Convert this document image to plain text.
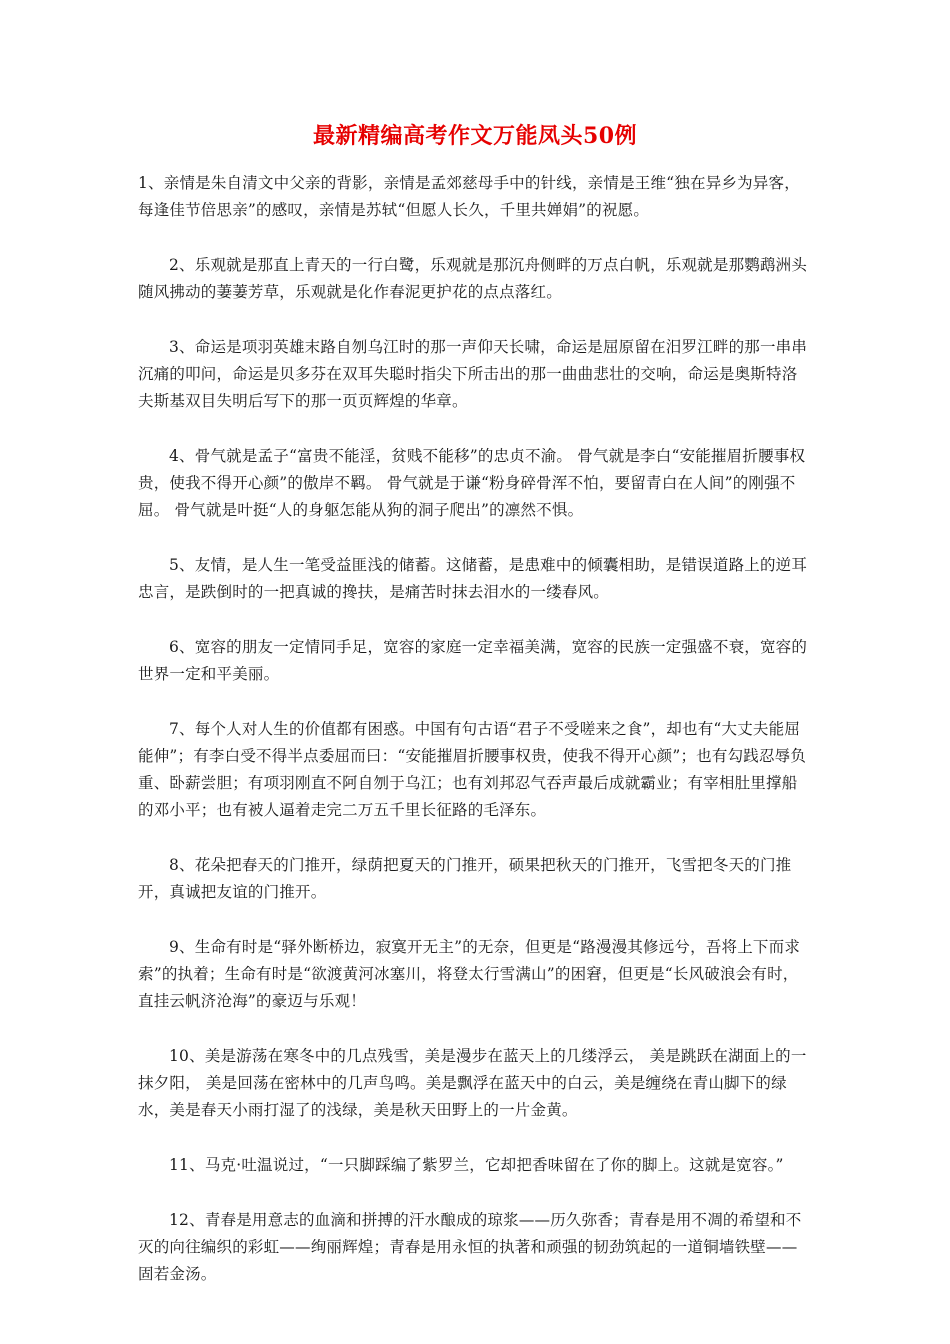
最新精编高考作文万能凤头50例

1、亲情是朱自清文中父亲的背影，亲情是孟郊慈母手中的针线，亲情是王维“独在异乡为异客，每逢佳节倍思亲”的感叹，亲情是苏轼“但愿人长久，千里共婵娟”的祝愿。

2、乐观就是那直上青天的一行白鹭，乐观就是那沉舟侧畔的万点白帆，乐观就是那鹦鹉洲头随风拂动的萋萋芳草，乐观就是化作春泥更护花的点点落红。

3、命运是项羽英雄末路自刎乌江时的那一声仰天长啸，命运是屈原留在汨罗江畔的那一串串沉痛的叩问，命运是贝多芬在双耳失聪时指尖下所击出的那一曲曲悲壮的交响，命运是奥斯特洛夫斯基双目失明后写下的那一页页辉煌的华章。

4、骨气就是孟子“富贵不能淫，贫贱不能移”的忠贞不渝。 骨气就是李白“安能摧眉折腰事权贵，使我不得开心颜”的傲岸不羁。 骨气就是于谦“粉身碎骨浑不怕，要留青白在人间”的刚强不屈。 骨气就是叶挺“人的身躯怎能从狗的洞子爬出”的凛然不惧。

5、友情，是人生一笔受益匪浅的储蓄。这储蓄，是患难中的倾囊相助，是错误道路上的逆耳忠言，是跌倒时的一把真诚的搀扶，是痛苦时抹去泪水的一缕春风。

6、宽容的朋友一定情同手足，宽容的家庭一定幸福美满，宽容的民族一定强盛不衰，宽容的世界一定和平美丽。

7、每个人对人生的价值都有困惑。中国有句古语“君子不受嗟来之食”，却也有“大丈夫能屈能伸”；有李白受不得半点委屈而曰：“安能摧眉折腰事权贵，使我不得开心颜”；也有勾践忍辱负重、卧薪尝胆；有项羽刚直不阿自刎于乌江；也有刘邦忍气吞声最后成就霸业；有宰相肚里撑船的邓小平；也有被人逼着走完二万五千里长征路的毛泽东。

8、花朵把春天的门推开，绿荫把夏天的门推开，硕果把秋天的门推开，飞雪把冬天的门推开，真诚把友谊的门推开。

9、生命有时是“驿外断桥边，寂寞开无主”的无奈，但更是“路漫漫其修远兮，吾将上下而求索”的执着；生命有时是“欲渡黄河冰塞川，将登太行雪满山”的困窘，但更是“长风破浪会有时，直挂云帆济沧海”的豪迈与乐观！

10、美是游荡在寒冬中的几点残雪，美是漫步在蓝天上的几缕浮云， 美是跳跃在湖面上的一抹夕阳， 美是回荡在密林中的几声鸟鸣。美是飘浮在蓝天中的白云，美是缠绕在青山脚下的绿水，美是春天小雨打湿了的浅绿，美是秋天田野上的一片金黄。

11、马克·吐温说过，“一只脚踩编了紫罗兰，它却把香味留在了你的脚上。这就是宽容。”

12、青春是用意志的血滴和拼搏的汗水酿成的琼浆——历久弥香；青春是用不凋的希望和不灭的向往编织的彩虹——绚丽辉煌；青春是用永恒的执著和顽强的韧劲筑起的一道铜墙铁壁——固若金汤。
